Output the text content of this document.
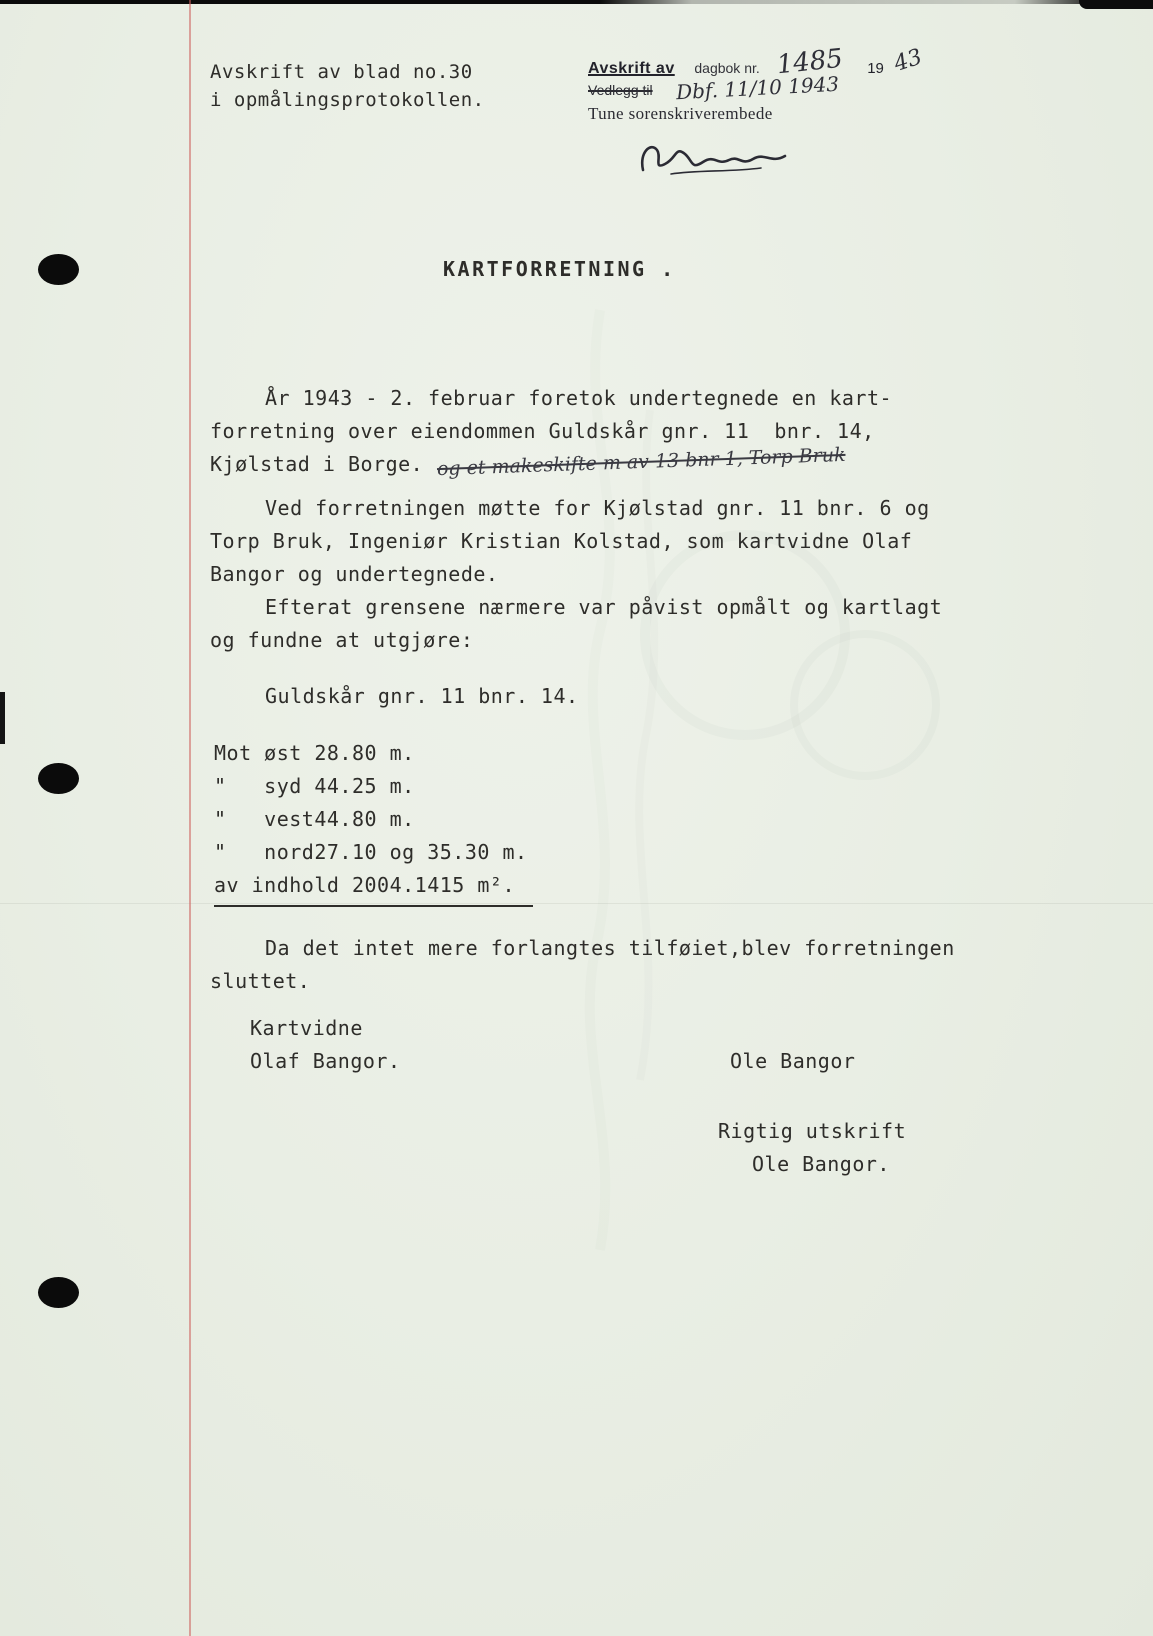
Avskrift av blad no.30
i opmålingsprotokollen.
Avskrift av dagbok nr. 1485 19 43
Vedlegg til Dbf. 11/10 1943
Tune sorenskriverembede
KARTFORRETNING .
År 1943 - 2. februar foretok undertegnede en kart-
forretning over eiendommen Guldskår gnr. 11  bnr. 14,
Kjølstad i Borge. og et makeskifte m av 13 bnr 1, Torp Bruk
Ved forretningen møtte for Kjølstad gnr. 11 bnr. 6 og
Torp Bruk, Ingeniør Kristian Kolstad, som kartvidne Olaf
Bangor og undertegnede.
Efterat grensene nærmere var påvist opmålt og kartlagt
og fundne at utgjøre:
Guldskår gnr. 11 bnr. 14.
Mot øst 28.80 m.
"   syd 44.25 m.
"   vest44.80 m.
"   nord27.10 og 35.30 m.
av indhold 2004.1415 m².
Da det intet mere forlangtes tilføiet,blev forretningen
sluttet.
Kartvidne
Olaf Bangor.	Ole Bangor
Rigtig utskrift
Ole Bangor.
